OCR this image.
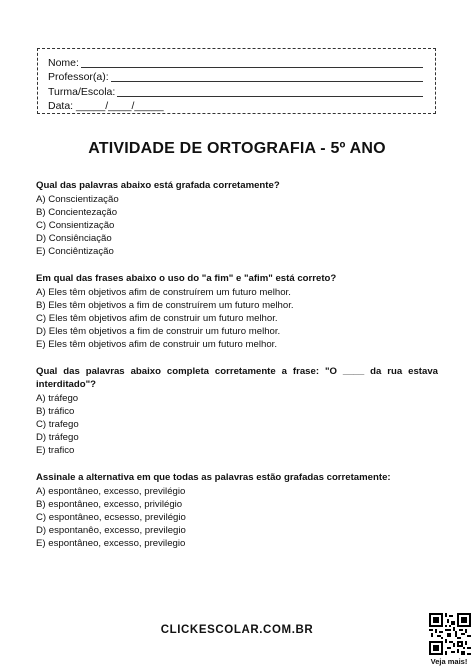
Nome:
Professor(a):
Turma/Escola:
Data: _____/____/_____
ATIVIDADE DE ORTOGRAFIA - 5º ANO

Qual das palavras abaixo está grafada corretamente?

A) Conscientização

B) Concientezação

C) Consientização

D) Consiênciação

E) Conciêntização

Em qual das frases abaixo o uso do "a fim" e "afim" está correto?

A) Eles têm objetivos afim de construírem um futuro melhor.

B) Eles têm objetivos a fim de construírem um futuro melhor.

C) Eles têm objetivos afim de construir um futuro melhor.

D) Eles têm objetivos a fim de construir um futuro melhor.

E) Eles têm objetivos afim de construir um futuro melhor.

Qual das palavras abaixo completa corretamente a frase: "O ____ da rua estava interditado"?

A) tráfego

B) tráfico

C) trafego

D) tráfego

E) trafico

Assinale a alternativa em que todas as palavras estão grafadas corretamente:

A) espontâneo, excesso, previlégio

B) espontâneo, excesso, privilégio

C) espontâneo, ecsesso, previlégio

D) espontanêo, excesso, previlegio

E) espontâneo, excesso, previlegio

CLICKESCOLAR.COM.BR

Veja mais!
